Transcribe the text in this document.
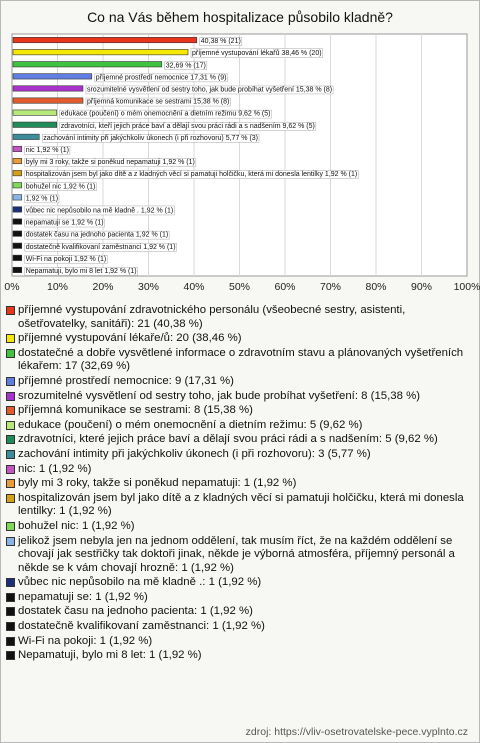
Co na Vás během hospitalizace působilo kladně?
0%	10% 20% 30% 40% 50% 60% 70% 80% 90% 100%
40,38 % (21)
příjemné vystupování lékařů 38,46 % (20)
32,69 % (17)
příjemné prostředí nemocnice 17,31 % (9)
srozumitelné vysvětlení od sestry toho, jak bude probíhat vyšetření 15,38 % (8)
příjemná komunikace se sestrami 15,38 % (8)
edukace (poučení) o mém onemocnění a dietním režimu 9,62 % (5)
zdravotníci, kteří jejich práce baví a dělají svou práci rádi a s nadšením 9,62 % (5)
zachování intimity při jakýchkoliv úkonech (i při rozhovoru) 5,77 % (3)
nic 1,92 % (1)
byly mi 3 roky, takže si poněkud nepamatuji 1,92 % (1)
hospitalizován jsem byl jako dítě a z kladných věcí si pamatuji holčičku, která mi donesla lentilky 1,92 % (1)
bohužel nic 1,92 % (1)
1,92 % (1)
vůbec nic nepůsobilo na mě kladně . 1,92 % (1)
nepamatuji se 1,92 % (1)
dostatek času na jednoho pacienta 1,92 % (1)
dostatečně kvalifikovaní zaměstnanci 1,92 % (1)
Wi-Fi na pokoji 1,92 % (1)
Nepamatuji, bylo mi 8 let 1,92 % (1)
příjemné vystupování zdravotnického personálu (všeobecné sestry, asistenti, ošetřovatelky, sanitáři): 21 (40,38 %)
příjemné vystupování lékaře/ů: 20 (38,46 %)
dostatečné a dobře vysvětlené informace o zdravotním stavu a plánovaných vyšetřeních lékařem: 17 (32,69 %)
příjemné prostředí nemocnice: 9 (17,31 %)
srozumitelné vysvětlení od sestry toho, jak bude probíhat vyšetření: 8 (15,38 %)
příjemná komunikace se sestrami: 8 (15,38 %)
edukace (poučení) o mém onemocnění a dietním režimu: 5 (9,62 %)
zdravotníci, které jejich práce baví a dělají svou práci rádi a s nadšením: 5 (9,62 %)
zachování intimity při jakýchkoliv úkonech (i při rozhovoru): 3 (5,77 %)
nic: 1 (1,92 %)
byly mi 3 roky, takže si poněkud nepamatuji: 1 (1,92 %)
hospitalizován jsem byl jako dítě a z kladných věcí si pamatuji holčičku, která mi donesla lentilky: 1 (1,92 %)
bohužel nic: 1 (1,92 %)
jelikož jsem nebyla jen na jednom oddělení, tak musím říct, že na každém oddělení se chovají jak sestřičky tak doktoři jinak, někde je výborná atmosféra, příjemný personál a někde se k vám chovají hrozně: 1 (1,92 %)
vůbec nic nepůsobilo na mě kladně .: 1 (1,92 %)
nepamatuji se: 1 (1,92 %)
dostatek času na jednoho pacienta: 1 (1,92 %)
dostatečně kvalifikovaní zaměstnanci: 1 (1,92 %)
Wi-Fi na pokoji: 1 (1,92 %)
Nepamatuji, bylo mi 8 let: 1 (1,92 %)
zdroj: https://vliv-osetrovatelske-pece.vyplnto.cz
